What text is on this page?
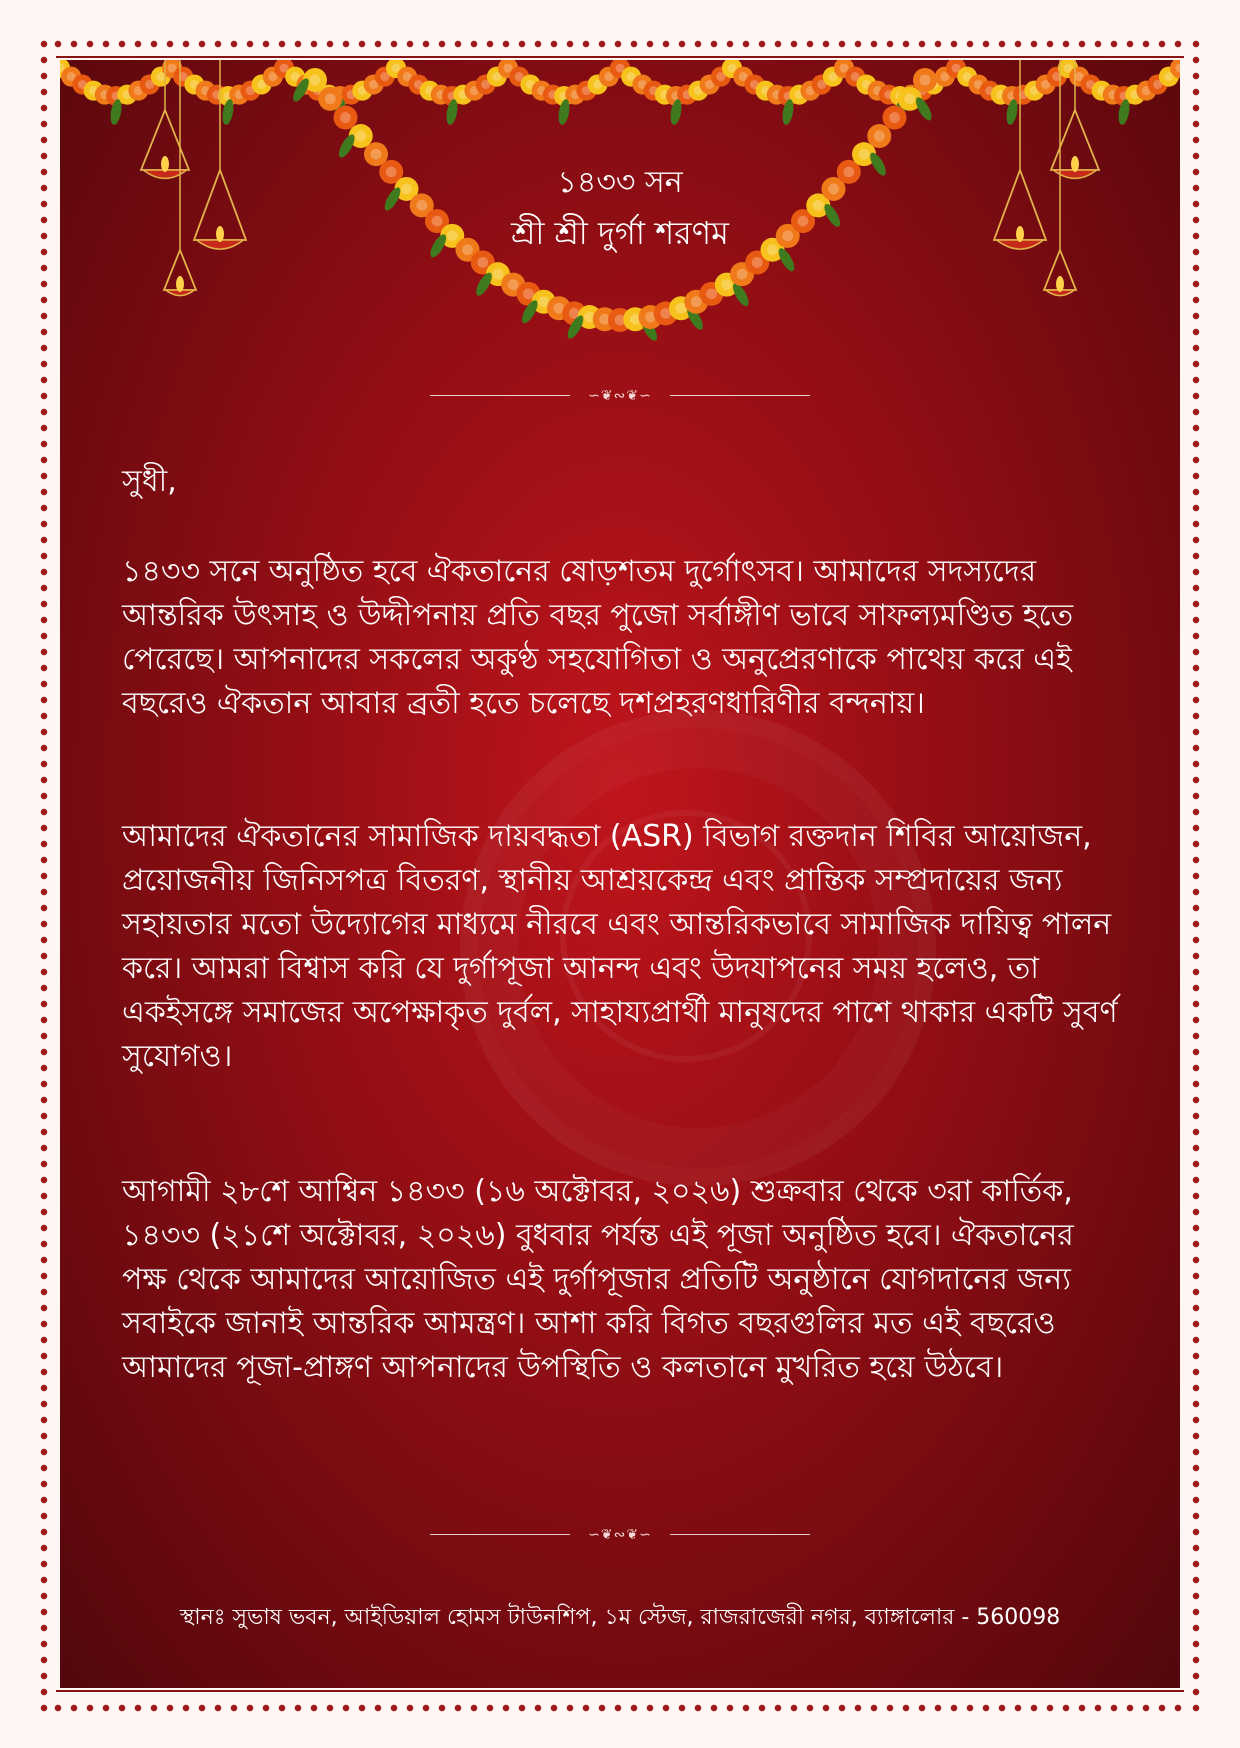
১৪৩৩ সন
শ্রী শ্রী দুর্গা শরণম
∽❦∾❦∽

সুধী,

১৪৩৩ সনে অনুষ্ঠিত হবে ঐকতানের ষোড়শতম দুর্গোৎসব। আমাদের সদস্যদের আন্তরিক উৎসাহ ও উদ্দীপনায় প্রতি বছর পুজো সর্বাঙ্গীণ ভাবে সাফল্যমণ্ডিত হতে পেরেছে। আপনাদের সকলের অকুণ্ঠ সহযোগিতা ও অনুপ্রেরণাকে পাথেয় করে এই বছরেও ঐকতান আবার ব্রতী হতে চলেছে দশপ্রহরণধারিণীর বন্দনায়।

আমাদের ঐকতানের সামাজিক দায়বদ্ধতা (ASR) বিভাগ রক্তদান শিবির আয়োজন, প্রয়োজনীয় জিনিসপত্র বিতরণ, স্থানীয় আশ্রয়কেন্দ্র এবং প্রান্তিক সম্প্রদায়ের জন্য সহায়তার মতো উদ্যোগের মাধ্যমে নীরবে এবং আন্তরিকভাবে সামাজিক দায়িত্ব পালন করে। আমরা বিশ্বাস করি যে দুর্গাপূজা আনন্দ এবং উদযাপনের সময় হলেও, তা একইসঙ্গে সমাজের অপেক্ষাকৃত দুর্বল, সাহায্যপ্রার্থী মানুষদের পাশে থাকার একটি সুবর্ণ সুযোগও।

আগামী ২৮শে আশ্বিন ১৪৩৩ (১৬ অক্টোবর, ২০২৬) শুক্রবার থেকে ৩রা কার্তিক, ১৪৩৩ (২১শে অক্টোবর, ২০২৬) বুধবার পর্যন্ত এই পূজা অনুষ্ঠিত হবে। ঐকতানের পক্ষ থেকে আমাদের আয়োজিত এই দুর্গাপূজার প্রতিটি অনুষ্ঠানে যোগদানের জন্য সবাইকে জানাই আন্তরিক আমন্ত্রণ। আশা করি বিগত বছরগুলির মত এই বছরেও আমাদের পূজা-প্রাঙ্গণ আপনাদের উপস্থিতি ও কলতানে মুখরিত হয়ে উঠবে।

∽❦∾❦∽
স্থানঃ সুভাষ ভবন, আইডিয়াল হোমস টাউনশিপ, ১ম স্টেজ, রাজরাজেরী নগর, ব্যাঙ্গালোর - 560098
